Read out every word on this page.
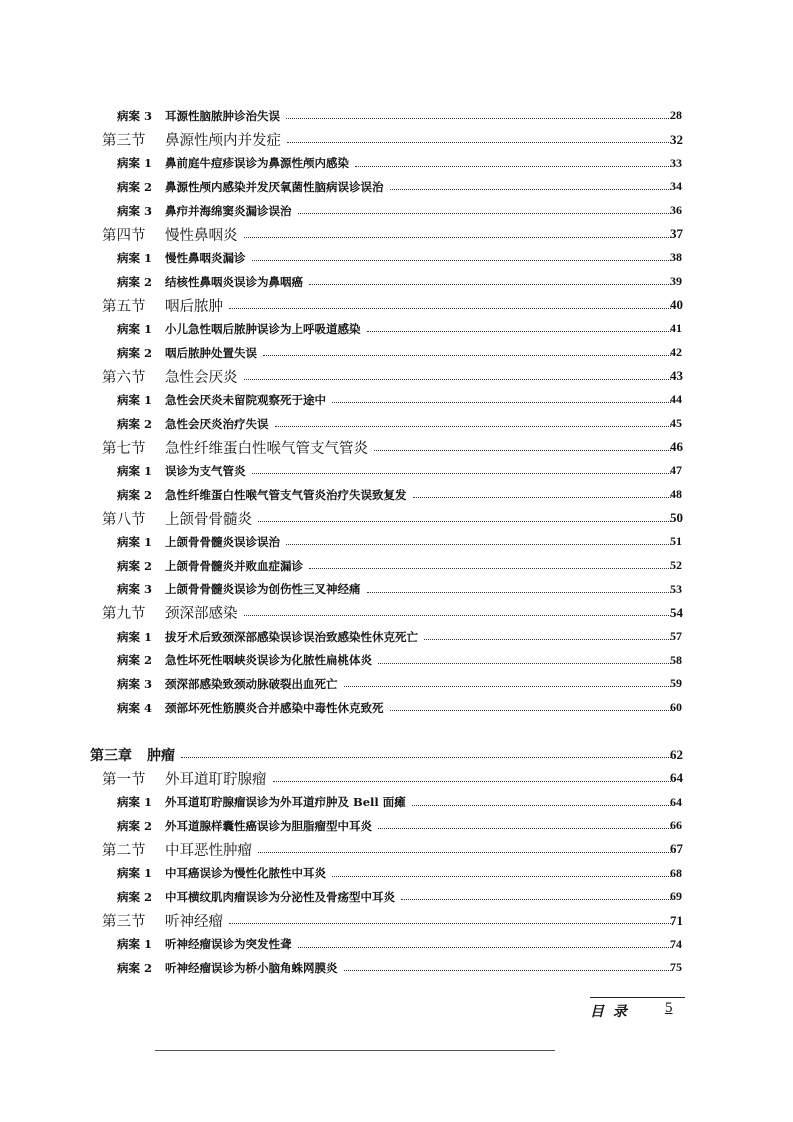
病案 3 耳源性脑脓肿诊治失误	28
第三节 鼻源性颅内并发症	32
病案 1 鼻前庭牛痘疹误诊为鼻源性颅内感染	33
病案 2 鼻源性颅内感染并发厌氧菌性脑病误诊误治	34
病案 3 鼻疖并海绵窦炎漏诊误治	36
第四节 慢性鼻咽炎	37
病案 1 慢性鼻咽炎漏诊	38
病案 2 结核性鼻咽炎误诊为鼻咽癌	39
第五节 咽后脓肿	40
病案 1 小儿急性咽后脓肿误诊为上呼吸道感染	41
病案 2 咽后脓肿处置失误	42
第六节 急性会厌炎	43
病案 1 急性会厌炎未留院观察死于途中	44
病案 2 急性会厌炎治疗失误	45
第七节 急性纤维蛋白性喉气管支气管炎	46
病案 1 误诊为支气管炎	47
病案 2 急性纤维蛋白性喉气管支气管炎治疗失误致复发	48
第八节 上颌骨骨髓炎	50
病案 1 上颌骨骨髓炎误诊误治	51
病案 2 上颌骨骨髓炎并败血症漏诊	52
病案 3 上颌骨骨髓炎误诊为创伤性三叉神经痛	53
第九节 颈深部感染	54
病案 1 拔牙术后致颈深部感染误诊误治致感染性休克死亡	57
病案 2 急性坏死性咽峡炎误诊为化脓性扁桃体炎	58
病案 3 颈深部感染致颈动脉破裂出血死亡	59
病案 4 颈部坏死性筋膜炎合并感染中毒性休克致死	60
第三章 肿瘤	62
第一节 外耳道耵聍腺瘤	64
病案 1 外耳道耵聍腺瘤误诊为外耳道疖肿及 Bell 面瘫	64
病案 2 外耳道腺样囊性癌误诊为胆脂瘤型中耳炎	66
第二节 中耳恶性肿瘤	67
病案 1 中耳癌误诊为慢性化脓性中耳炎	68
病案 2 中耳横纹肌肉瘤误诊为分泌性及骨疡型中耳炎	69
第三节 听神经瘤	71
病案 1 听神经瘤误诊为突发性聋	74
病案 2 听神经瘤误诊为桥小脑角蛛网膜炎	75
目 录 5
